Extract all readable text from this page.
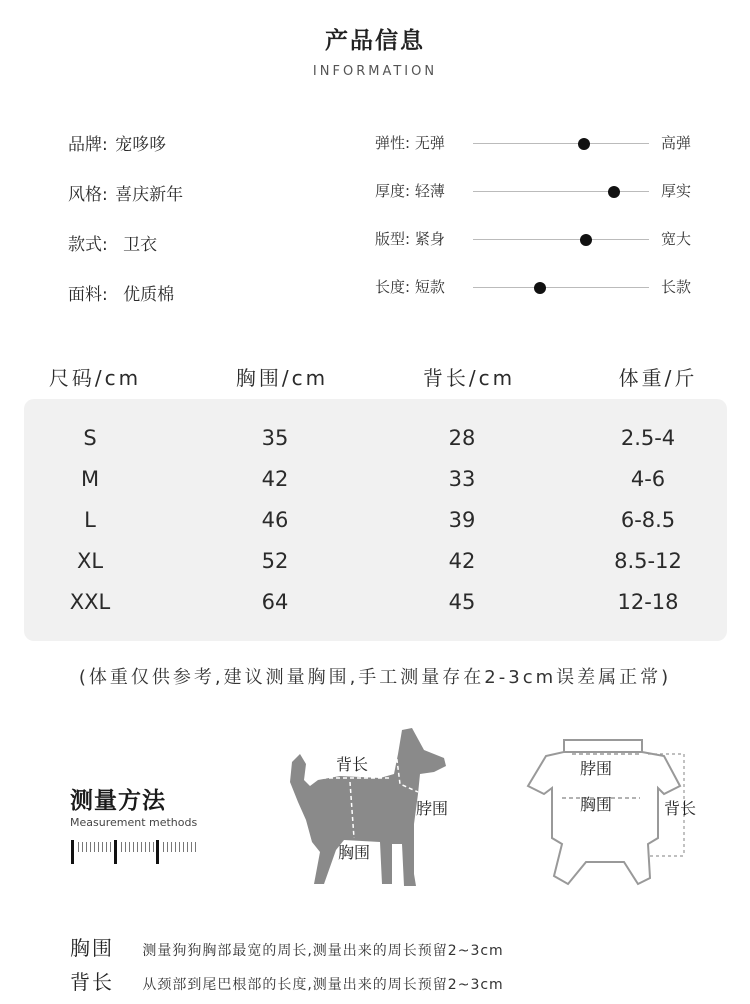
产品信息
INFORMATION
品牌: 宠哆哆
风格: 喜庆新年
款式: 卫衣
面料: 优质棉
弹性: 无弹	高弹
厚度: 轻薄	厚实
版型: 紧身	宽大
长度: 短款	长款
尺码/cm	胸围/cm	背长/cm	体重/斤
S	35	28	2.5-4
M	42	33	4-6
L	46	39	6-8.5
XL	52	42	8.5-12
XXL	64	45	12-18
(体重仅供参考,建议测量胸围,手工测量存在2-3cm误差属正常)
测量方法
Measurement methods
背长
脖围
胸围
脖围
胸围	背长
胸围 测量狗狗胸部最宽的周长,测量出来的周长预留2~3cm
背长 从颈部到尾巴根部的长度,测量出来的周长预留2~3cm
